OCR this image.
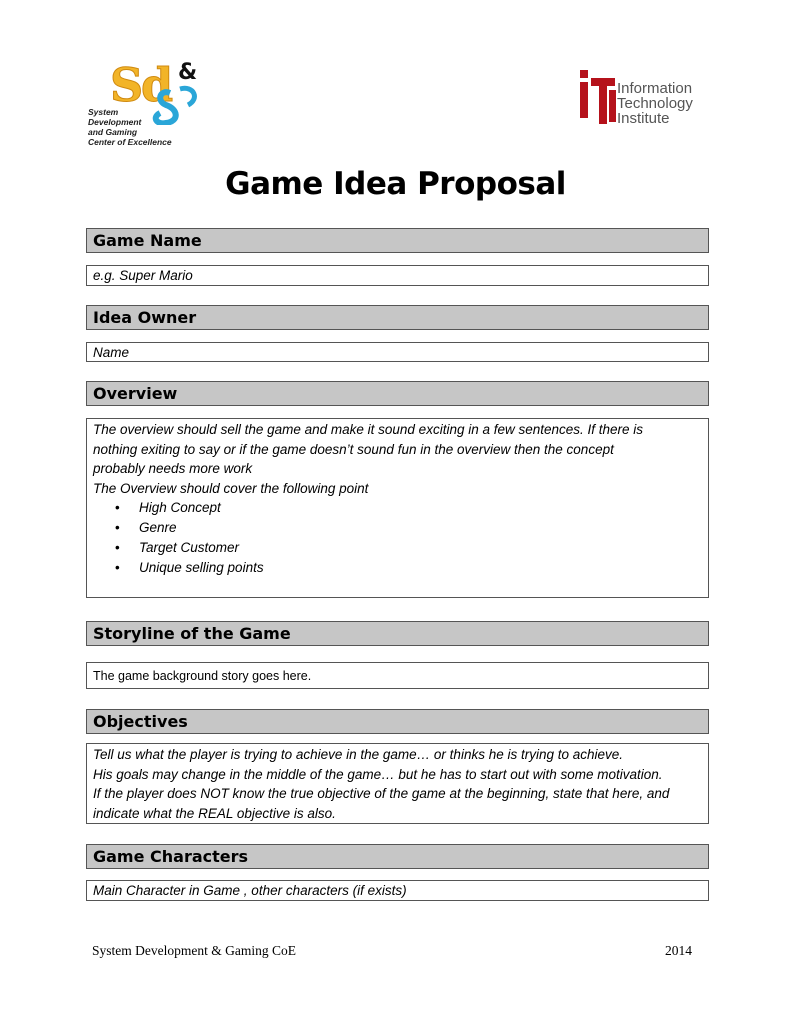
S
d &
System
Development
and Gaming
Center of Excellence
Information
Technology
Institute
Game Idea Proposal
Game Name
e.g. Super Mario
Idea Owner
Name
Overview
The overview should sell the game and make it sound exciting in a few sentences. If there is
nothing exiting to say or if the game doesn’t sound fun in the overview then the concept
probably needs more work
The Overview should cover the following point
• High Concept
• Genre
• Target Customer
• Unique selling points
Storyline of the Game
The game background story goes here.
Objectives
Tell us what the player is trying to achieve in the game… or thinks he is trying to achieve.
His goals may change in the middle of the game… but he has to start out with some motivation.
If the player does NOT know the true objective of the game at the beginning, state that here, and
indicate what the REAL objective is also.
Game Characters
Main Character in Game , other characters (if exists)
System Development & Gaming CoE	2014
